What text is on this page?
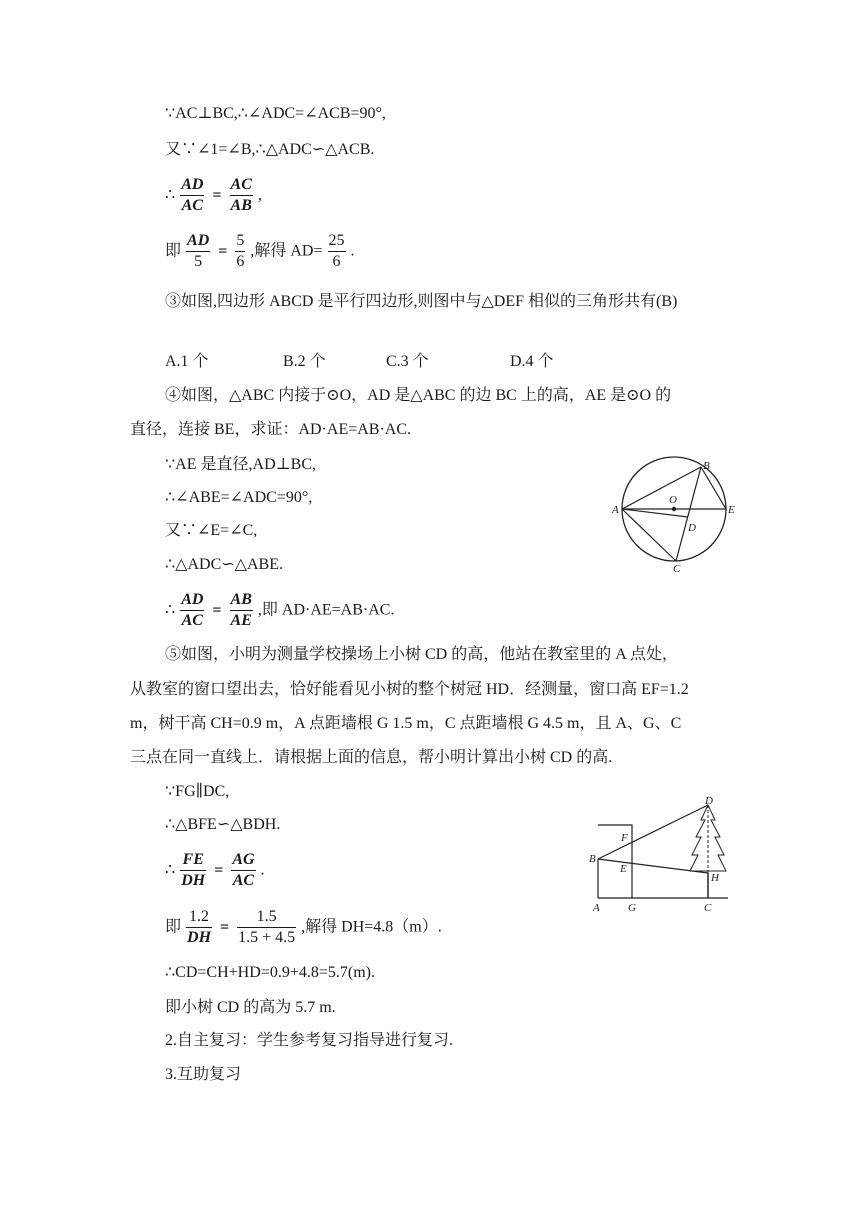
∵AC⊥BC,∴∠ADC=∠ACB=90°,
又∵∠1=∠B,∴△ADC∽△ACB.
∴ $\frac{AD}{AC} = \frac{AC}{AB}$ ,
即 $\frac{AD}{5} = \frac{5}{6}$ ,解得 $AD= \frac{25}{6}$ .
③如图,四边形 ABCD 是平行四边形,则图中与△DEF 相似的三角形共有(B)
A.1 个	B.2 个	C.3 个	D.4 个
④如图，△ABC 内接于⊙O，AD 是△ABC 的边 BC 上的高，AE 是⊙O 的
直径，连接 BE，求证：AD·AE=AB·AC.
∵AE 是直径,AD⊥BC,
∴∠ABE=∠ADC=90°,
又∵∠E=∠C,
∴△ADC∽△ABE.
∴ $\frac{AD}{AC} = \frac{AB}{AE}$ ,即 AD·AE=AB·AC.
⑤如图，小明为测量学校操场上小树 CD 的高，他站在教室里的 A 点处，
从教室的窗口望出去，恰好能看见小树的整个树冠 HD．经测量，窗口高 EF=1.2
m，树干高 CH=0.9 m，A 点距墙根 G 1.5 m，C 点距墙根 G 4.5 m，且 A、G、C
三点在同一直线上．请根据上面的信息，帮小明计算出小树 CD 的高.
∵FG∥DC,
∴△BFE∽△BDH.
∴ $\frac{FE}{DH} = \frac{AG}{AC}$ .
即 $\frac{1.2}{DH} = \frac{1.5}{1.5 + 4.5}$ ,解得 DH=4.8（m）.
∴CD=CH+HD=0.9+4.8=5.7(m).
即小树 CD 的高为 5.7 m.
2.自主复习：学生参考复习指导进行复习.
3.互助复习
A
B
C
D
E
O
D
F
E
B
H
A	G	C
